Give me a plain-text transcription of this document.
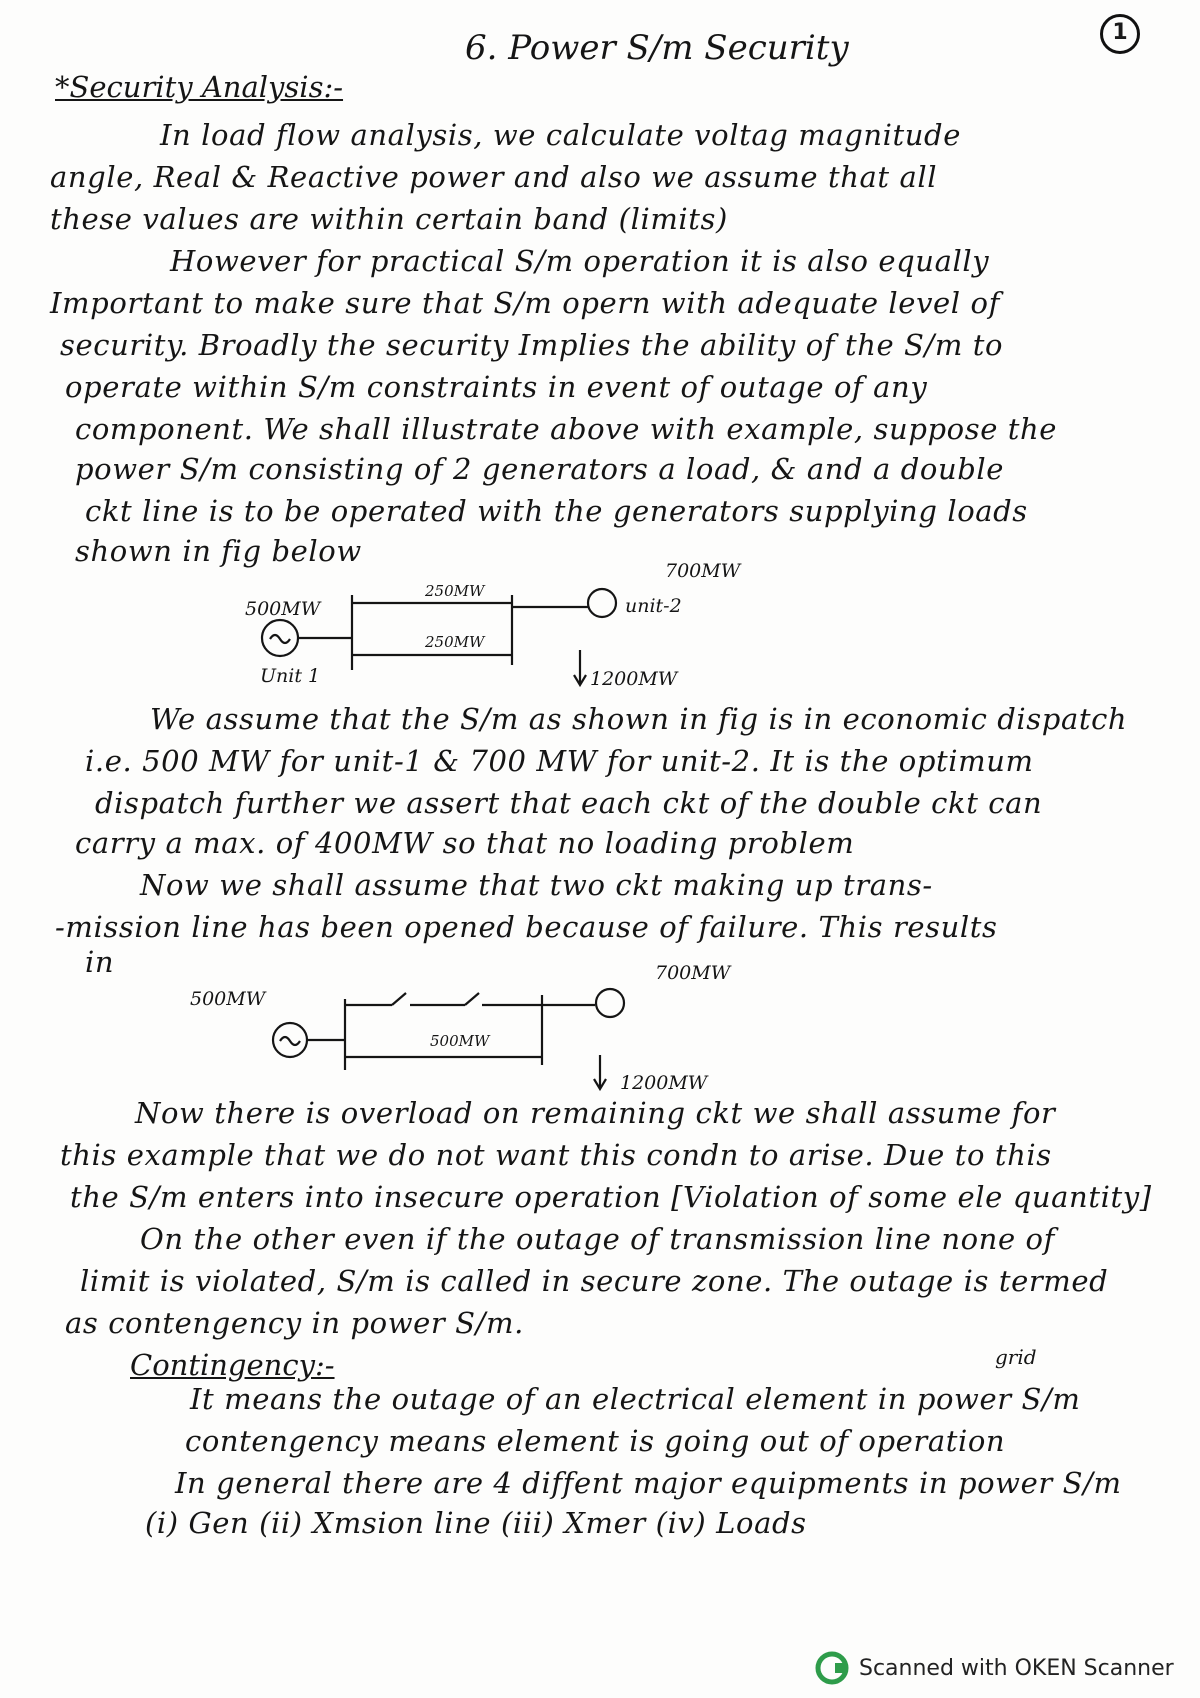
1
6. Power S/m Security
*Security Analysis:-
In load flow analysis, we calculate voltag magnitude
angle, Real & Reactive power and also we assume that all
these values are within certain band (limits)
However for practical S/m operation it is also equally
Important to make sure that S/m opern with adequate level of
security. Broadly the security Implies the ability of the S/m to
operate within S/m constraints in event of outage of any
component. We shall illustrate above with example, suppose the
power S/m consisting of 2 generators a load, & and a double
ckt line is to be operated with the generators supplying loads
shown in fig below
500MW
Unit 1
250MW
250MW
700MW
unit-2
1200MW
We assume that the S/m as shown in fig is in economic dispatch
i.e. 500 MW for unit-1 & 700 MW for unit-2. It is the optimum
dispatch further we assert that each ckt of the double ckt can
carry a max. of 400MW so that no loading problem
Now we shall assume that two ckt making up trans-
-mission line has been opened because of failure. This results
in
500MW
500MW
700MW
1200MW
Now there is overload on remaining ckt we shall assume for
this example that we do not want this condn to arise. Due to this
the S/m enters into insecure operation [Violation of some ele quantity]
On the other even if the outage of transmission line none of
limit is violated, S/m is called in secure zone. The outage is termed
as contengency in power S/m.
Contingency:-	grid
It means the outage of an electrical element in power S/m
contengency means element is going out of operation
In general there are 4 diffent major equipments in power S/m
(i) Gen (ii) Xmsion line (iii) Xmer (iv) Loads
Scanned with OKEN Scanner
